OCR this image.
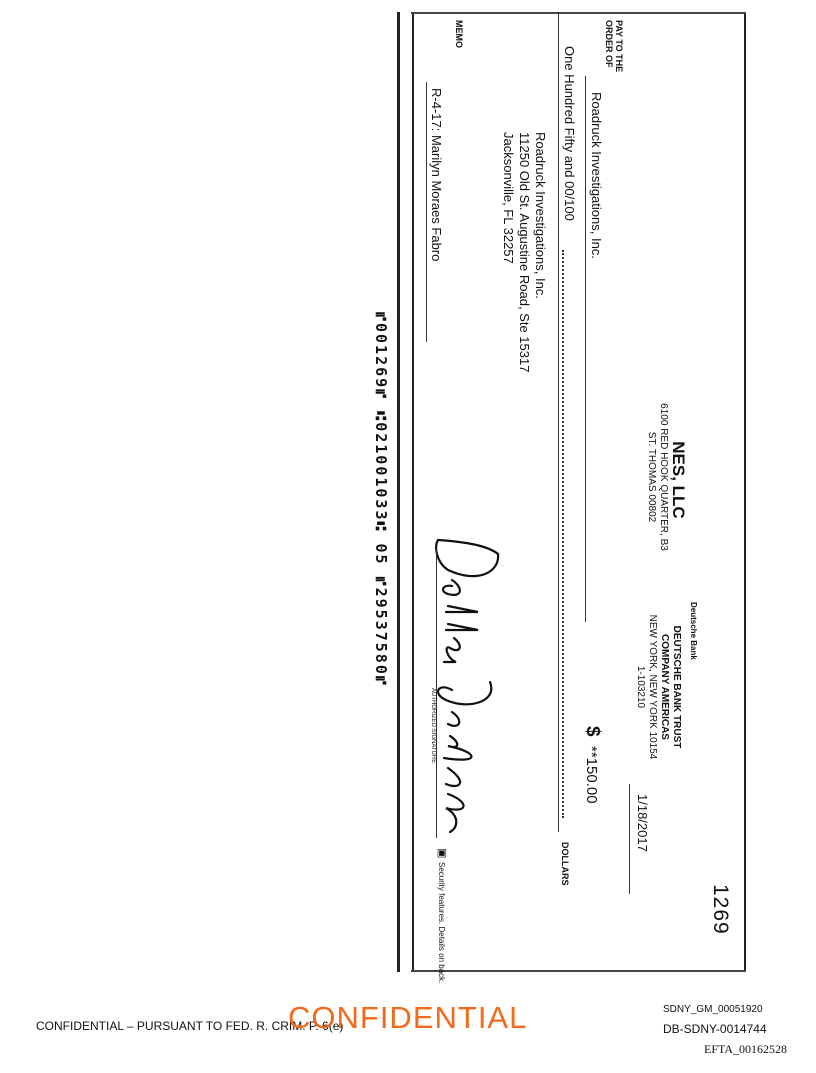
NES, LLC
6100 RED HOOK QUARTER, B3
ST. THOMAS 00802
Deutsche Bank
DEUTSCHE BANK TRUST
COMPANY AMERICAS
NEW YORK, NEW YORK 10154
1-103210
1269
1/18/2017
PAY TO THE
ORDER OF
Roadruck Investigations, Inc.
$
**150.00
One Hundred Fifty and 00/100
DOLLARS
Roadruck Investigations, Inc.
11250 Old St. Augustine Road, Ste 15317
Jacksonville, FL 32257
MEMO
R-4-17: Marilyn Moraes Fabro
AUTHORIZED SIGNATURE
▣
Security features. Details on back.
⑈001269⑈ ⑆021001033⑆ 05 ⑈29537580⑈
CONFIDENTIAL – PURSUANT TO FED. R. CRIM. P. 6(e)
CONFIDENTIAL	SDNY_GM_00051920
DB-SDNY-0014744
EFTA_00162528
